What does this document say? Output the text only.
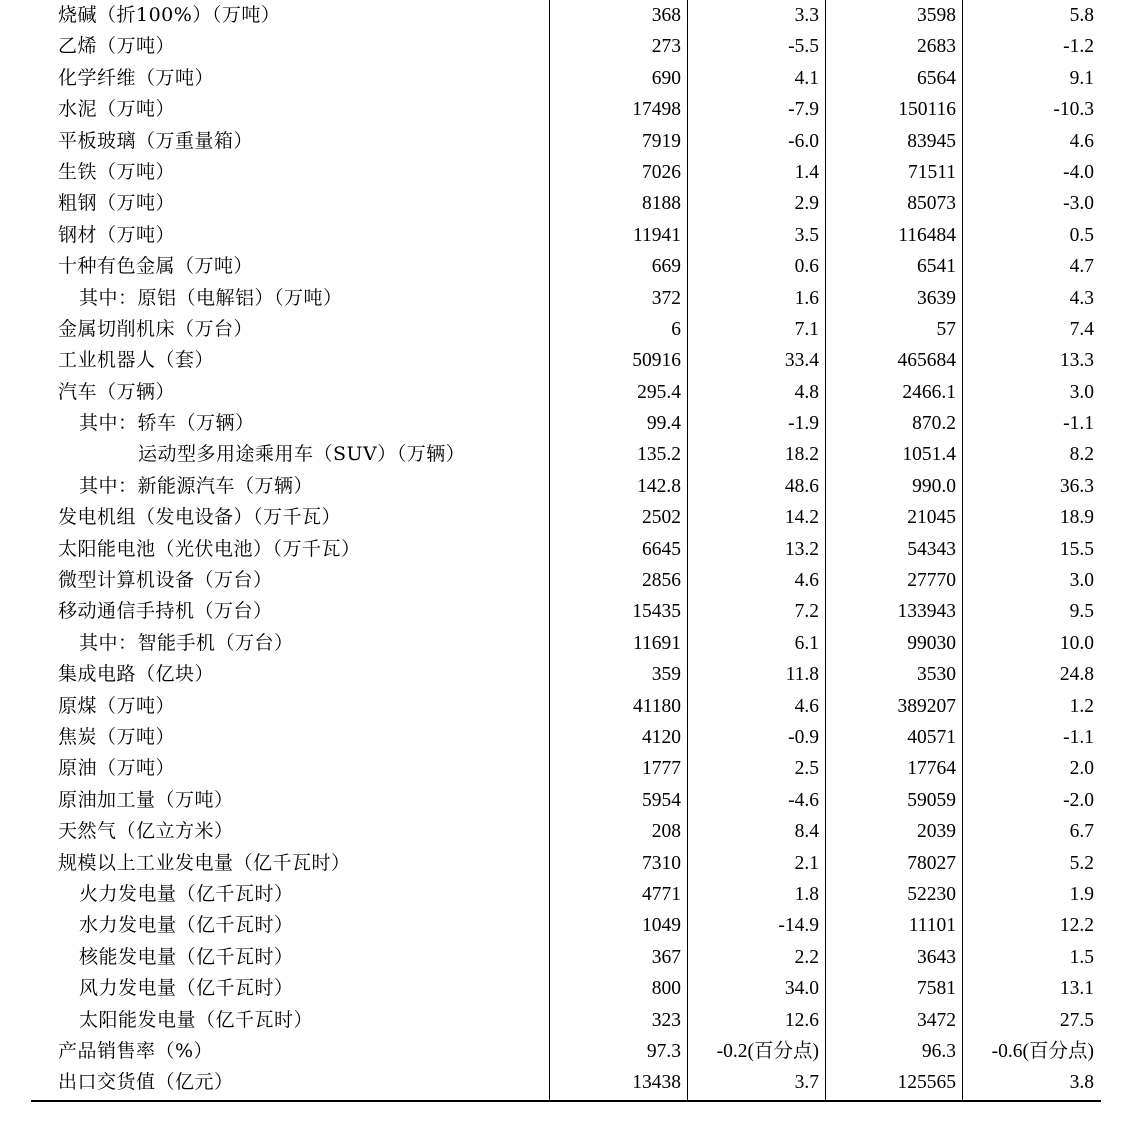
烧碱（折100%）（万吨）	368	3.3	3598	5.8
乙烯（万吨）	273	-5.5	2683	-1.2
化学纤维（万吨）	690	4.1	6564	9.1
水泥（万吨）	17498	-7.9	150116	-10.3
平板玻璃（万重量箱）	7919	-6.0	83945	4.6
生铁（万吨）	7026	1.4	71511	-4.0
粗钢（万吨）	8188	2.9	85073	-3.0
钢材（万吨）	11941	3.5	116484	0.5
十种有色金属（万吨）	669	0.6	6541	4.7
其中：原铝（电解铝）（万吨）	372	1.6	3639	4.3
金属切削机床（万台）	6	7.1	57	7.4
工业机器人（套）	50916	33.4	465684	13.3
汽车（万辆）	295.4	4.8	2466.1	3.0
其中：轿车（万辆）	99.4	-1.9	870.2	-1.1
运动型多用途乘用车（SUV）（万辆）	135.2	18.2	1051.4	8.2
其中：新能源汽车（万辆）	142.8	48.6	990.0	36.3
发电机组（发电设备）（万千瓦）	2502	14.2	21045	18.9
太阳能电池（光伏电池）（万千瓦）	6645	13.2	54343	15.5
微型计算机设备（万台）	2856	4.6	27770	3.0
移动通信手持机（万台）	15435	7.2	133943	9.5
其中：智能手机（万台）	11691	6.1	99030	10.0
集成电路（亿块）	359	11.8	3530	24.8
原煤（万吨）	41180	4.6	389207	1.2
焦炭（万吨）	4120	-0.9	40571	-1.1
原油（万吨）	1777	2.5	17764	2.0
原油加工量（万吨）	5954	-4.6	59059	-2.0
天然气（亿立方米）	208	8.4	2039	6.7
规模以上工业发电量（亿千瓦时）	7310	2.1	78027	5.2
火力发电量（亿千瓦时）	4771	1.8	52230	1.9
水力发电量（亿千瓦时）	1049	-14.9	11101	12.2
核能发电量（亿千瓦时）	367	2.2	3643	1.5
风力发电量（亿千瓦时）	800	34.0	7581	13.1
太阳能发电量（亿千瓦时）	323	12.6	3472	27.5
产品销售率（%）	97.3	-0.2(百分点)	96.3	-0.6(百分点)
出口交货值（亿元）	13438	3.7	125565	3.8
